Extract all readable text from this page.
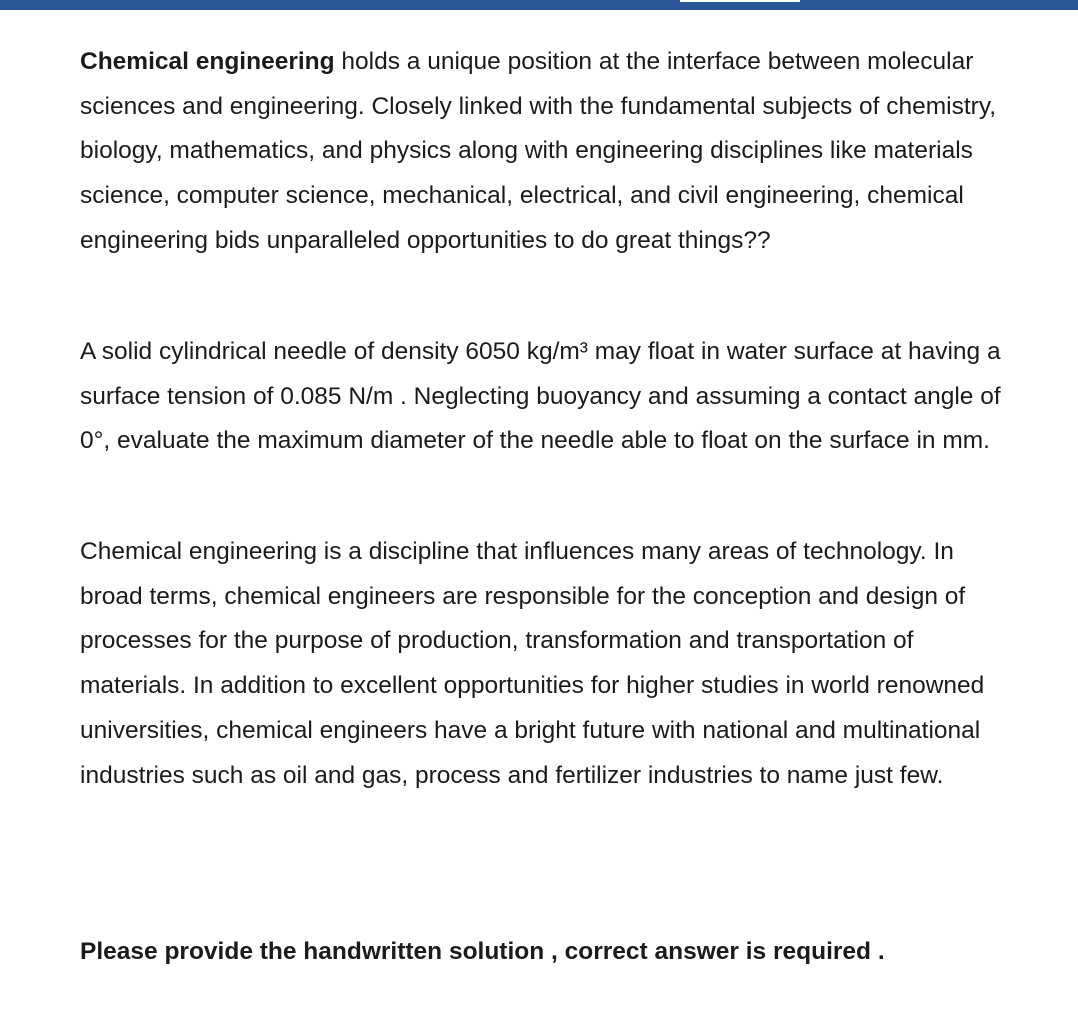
Chemical engineering holds a unique position at the interface between molecular sciences and engineering. Closely linked with the fundamental subjects of chemistry, biology, mathematics, and physics along with engineering disciplines like materials science, computer science, mechanical, electrical, and civil engineering, chemical engineering bids unparalleled opportunities to do great things??

A solid cylindrical needle of density 6050 kg/m³ may float in water surface at having a surface tension of 0.085 N/m . Neglecting buoyancy and assuming a contact angle of 0°, evaluate the maximum diameter of the needle able to float on the surface in mm.

Chemical engineering is a discipline that influences many areas of technology. In broad terms, chemical engineers are responsible for the conception and design of processes for the purpose of production, transformation and transportation of materials. In addition to excellent opportunities for higher studies in world renowned universities, chemical engineers have a bright future with national and multinational industries such as oil and gas, process and fertilizer industries to name just few.

Please provide the handwritten solution , correct answer is required .
